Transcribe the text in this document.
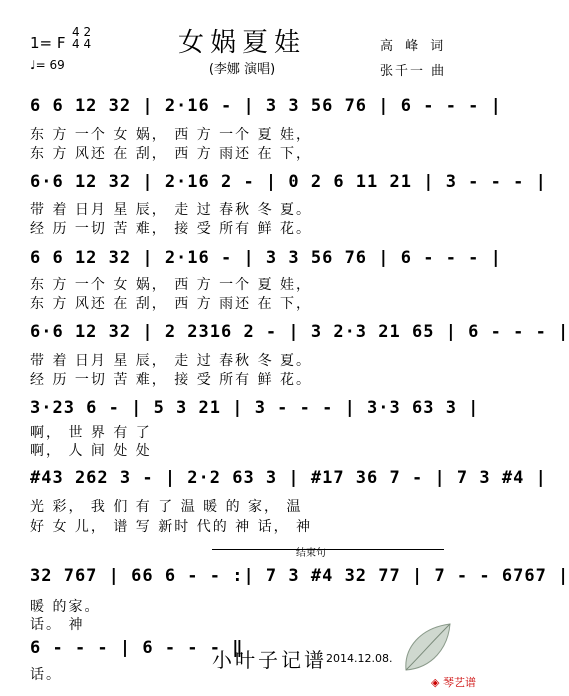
女娲夏娃
(李娜 演唱)
1= F
4 2
4 4
♩= 69
高 峰 词
张千一 曲
6 6 12 32 | 2·16 - | 3 3 56 76 | 6 - - - |
东 方 一个 女 娲， 西 方 一个 夏 娃，
东 方 风还 在 刮， 西 方 雨还 在 下，
6·6 12 32 | 2·16 2 - | 0 2 6 11 21 | 3 - - - |
带 着 日月 星 辰， 走 过 春秋 冬 夏。
经 历 一切 苦 难， 接 受 所有 鲜 花。
6 6 12 32 | 2·16 - | 3 3 56 76 | 6 - - - |
东 方 一个 女 娲， 西 方 一个 夏 娃，
东 方 风还 在 刮， 西 方 雨还 在 下，
6·6 12 32 | 2 2316 2 - | 3 2·3 21 65 | 6 - - - |
带 着 日月 星 辰， 走 过 春秋 冬 夏。
经 历 一切 苦 难， 接 受 所有 鲜 花。
3·23 6 - | 5 3 21 | 3 - - - | 3·3 63 3 |
啊， 世 界 有 了
啊， 人 间 处 处
#43 262 3 - | 2·2 63 3 | #17 36 7 - | 7 3 #4 |
光 彩， 我 们 有 了 温 暖 的 家， 温
好 女 儿， 谱 写 新时 代的 神 话， 神
结束句
32 767 | 66 6 - - :| 7 3 #4 32 77 | 7 - - 6767 |
暖 的家。
话。 神
6 - - - | 6 - - - ‖
话。
小叶子记谱 2014.12.08.
◈ 琴艺谱
